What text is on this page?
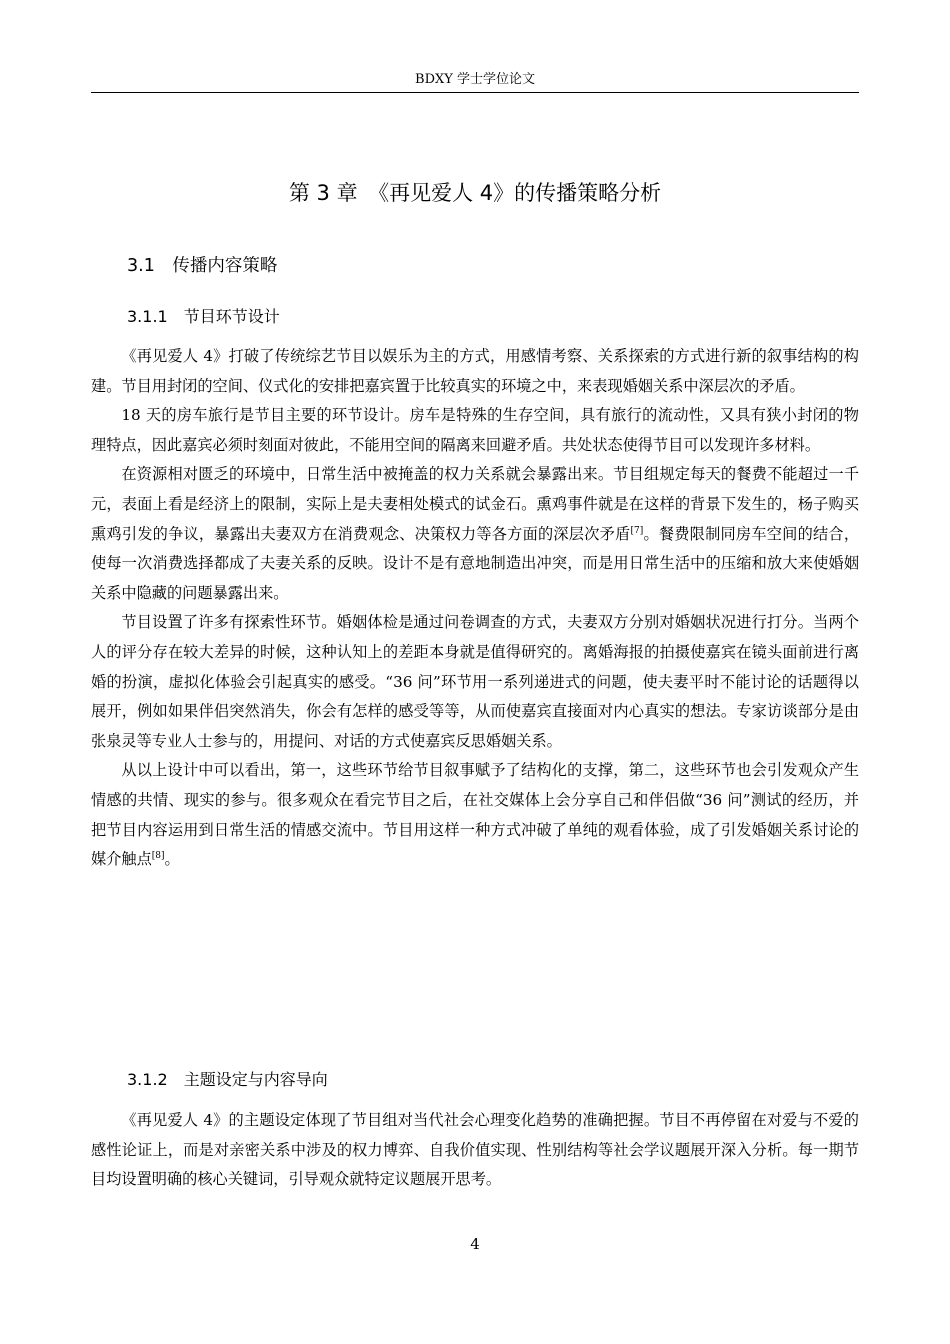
BDXY 学士学位论文
第 3 章　《再见爱人 4》的传播策略分析
3.1　 传播内容策略
3.1.1　 节目环节设计

《再见爱人 4》打破了传统综艺节目以娱乐为主的方式，用感情考察、关系探索的方式进行新的叙事结构的构建。节目用封闭的空间、仪式化的安排把嘉宾置于比较真实的环境之中，来表现婚姻关系中深层次的矛盾。

18 天的房车旅行是节目主要的环节设计。房车是特殊的生存空间，具有旅行的流动性，又具有狭小封闭的物理特点，因此嘉宾必须时刻面对彼此，不能用空间的隔离来回避矛盾。共处状态使得节目可以发现许多材料。

在资源相对匮乏的环境中，日常生活中被掩盖的权力关系就会暴露出来。节目组规定每天的餐费不能超过一千元，表面上看是经济上的限制，实际上是夫妻相处模式的试金石。熏鸡事件就是在这样的背景下发生的，杨子购买熏鸡引发的争议，暴露出夫妻双方在消费观念、决策权力等各方面的深层次矛盾[7]。餐费限制同房车空间的结合，使每一次消费选择都成了夫妻关系的反映。设计不是有意地制造出冲突，而是用日常生活中的压缩和放大来使婚姻关系中隐藏的问题暴露出来。

节目设置了许多有探索性环节。婚姻体检是通过问卷调查的方式，夫妻双方分别对婚姻状况进行打分。当两个人的评分存在较大差异的时候，这种认知上的差距本身就是值得研究的。离婚海报的拍摄使嘉宾在镜头面前进行离婚的扮演，虚拟化体验会引起真实的感受。“36 问”环节用一系列递进式的问题，使夫妻平时不能讨论的话题得以展开，例如如果伴侣突然消失，你会有怎样的感受等等，从而使嘉宾直接面对内心真实的想法。专家访谈部分是由张泉灵等专业人士参与的，用提问、对话的方式使嘉宾反思婚姻关系。

从以上设计中可以看出，第一，这些环节给节目叙事赋予了结构化的支撑，第二，这些环节也会引发观众产生情感的共情、现实的参与。很多观众在看完节目之后，在社交媒体上会分享自己和伴侣做“36 问”测试的经历，并把节目内容运用到日常生活的情感交流中。节目用这样一种方式冲破了单纯的观看体验，成了引发婚姻关系讨论的媒介触点[8]。

3.1.2　 主题设定与内容导向

《再见爱人 4》的主题设定体现了节目组对当代社会心理变化趋势的准确把握。节目不再停留在对爱与不爱的感性论证上，而是对亲密关系中涉及的权力博弈、自我价值实现、性别结构等社会学议题展开深入分析。每一期节目均设置明确的核心关键词，引导观众就特定议题展开思考。

4
